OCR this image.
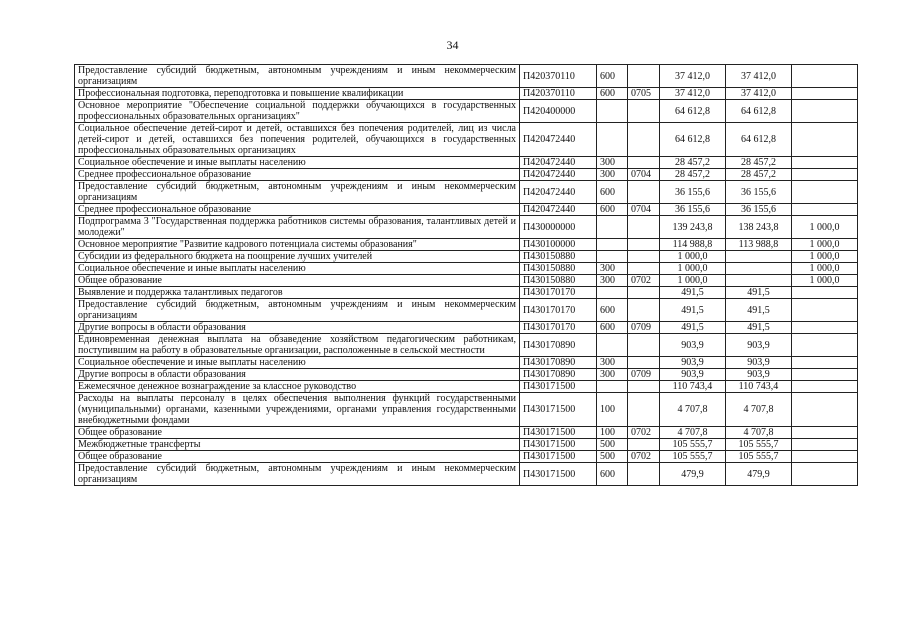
34
Предоставление субсидий бюджетным, автономным учреждениям и иным некоммерческим организациям	П420370110	600		37 412,0	37 412,0	
Профессиональная подготовка, переподготовка и повышение квалификации	П420370110	600	0705	37 412,0	37 412,0	
Основное мероприятие "Обеспечение социальной поддержки обучающихся в государственных профессиональных образовательных организациях"	П420400000			64 612,8	64 612,8	
Социальное обеспечение детей-сирот и детей, оставшихся без попечения родителей, лиц из числа детей-сирот и детей, оставшихся без попечения родителей, обучающихся в государственных профессиональных образовательных организациях	П420472440			64 612,8	64 612,8	
Социальное обеспечение и иные выплаты населению	П420472440	300		28 457,2	28 457,2	
Среднее профессиональное образование	П420472440	300	0704	28 457,2	28 457,2	
Предоставление субсидий бюджетным, автономным учреждениям и иным некоммерческим организациям	П420472440	600		36 155,6	36 155,6	
Среднее профессиональное образование	П420472440	600	0704	36 155,6	36 155,6	
Подпрограмма 3 "Государственная поддержка работников системы образования, талантливых детей и молодежи"	П430000000			139 243,8	138 243,8	1 000,0
Основное мероприятие "Развитие кадрового потенциала системы образования"	П430100000			114 988,8	113 988,8	1 000,0
Субсидии из федерального бюджета на поощрение лучших учителей	П430150880			1 000,0		1 000,0
Социальное обеспечение и иные выплаты населению	П430150880	300		1 000,0		1 000,0
Общее образование	П430150880	300	0702	1 000,0		1 000,0
Выявление и поддержка талантливых педагогов	П430170170			491,5	491,5	
Предоставление субсидий бюджетным, автономным учреждениям и иным некоммерческим организациям	П430170170	600		491,5	491,5	
Другие вопросы в области образования	П430170170	600	0709	491,5	491,5	
Единовременная денежная выплата на обзаведение хозяйством педагогическим работникам, поступившим на работу в образовательные организации, расположенные в сельской местности	П430170890			903,9	903,9	
Социальное обеспечение и иные выплаты населению	П430170890	300		903,9	903,9	
Другие вопросы в области образования	П430170890	300	0709	903,9	903,9	
Ежемесячное денежное вознаграждение за классное руководство	П430171500			110 743,4	110 743,4	
Расходы на выплаты персоналу в целях обеспечения выполнения функций государственными (муниципальными) органами, казенными учреждениями, органами управления государственными внебюджетными фондами	П430171500	100		4 707,8	4 707,8	
Общее образование	П430171500	100	0702	4 707,8	4 707,8	
Межбюджетные трансферты	П430171500	500		105 555,7	105 555,7	
Общее образование	П430171500	500	0702	105 555,7	105 555,7	
Предоставление субсидий бюджетным, автономным учреждениям и иным некоммерческим организациям	П430171500	600		479,9	479,9	
